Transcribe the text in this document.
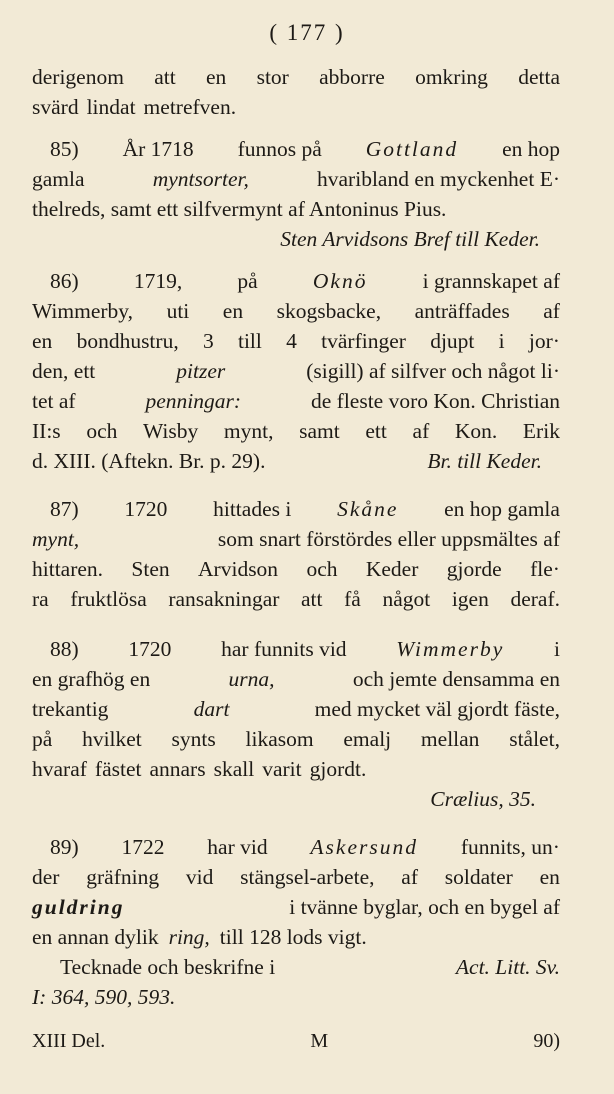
( 177 )
derigenom att en stor abborre omkring detta
svärd lindat metrefven.
85) År 1718 funnos på Gottland en hop
gamla	myntsorter,	hvaribland en myckenhet E·
thelreds, samt ett silfvermynt af Antoninus Pius.
Sten Arvidsons Bref till Keder.
86)	1719,	på	Oknö	i grannskapet af
Wimmerby, uti en skogsbacke, anträffades af
en bondhustru, 3 till 4 tvärfinger djupt i jor·
den, ett	pitzer	(sigill) af silfver och något li·
tet af	penningar:	de fleste voro Kon. Christian
II:s och Wisby mynt, samt ett af Kon. Erik
d. XIII. (Aftekn. Br. p. 29).	Br. till Keder.
87) 1720 hittades i Skåne en hop gamla
mynt,	som snart förstördes eller uppsmältes af
hittaren. Sten Arvidson och Keder gjorde fle·
ra fruktlösa ransakningar att få något igen deraf.
88) 1720 har funnits vid Wimmerby i
en grafhög en	urna,	och jemte densamma en
trekantig	dart	med mycket väl gjordt fäste,
på hvilket synts likasom emalj mellan stålet,
hvaraf fästet annars skall varit gjordt.
Crælius, 35.
89) 1722 har vid Askersund funnits, un·
der gräfning vid stängsel-arbete, af soldater en
guldring	i tvänne byglar, och en bygel af
en annan dylik ring, till 128 lods vigt.
Tecknade och beskrifne i	Act. Litt. Sv.
I: 364, 590, 593.
XIII Del.	M	90)
